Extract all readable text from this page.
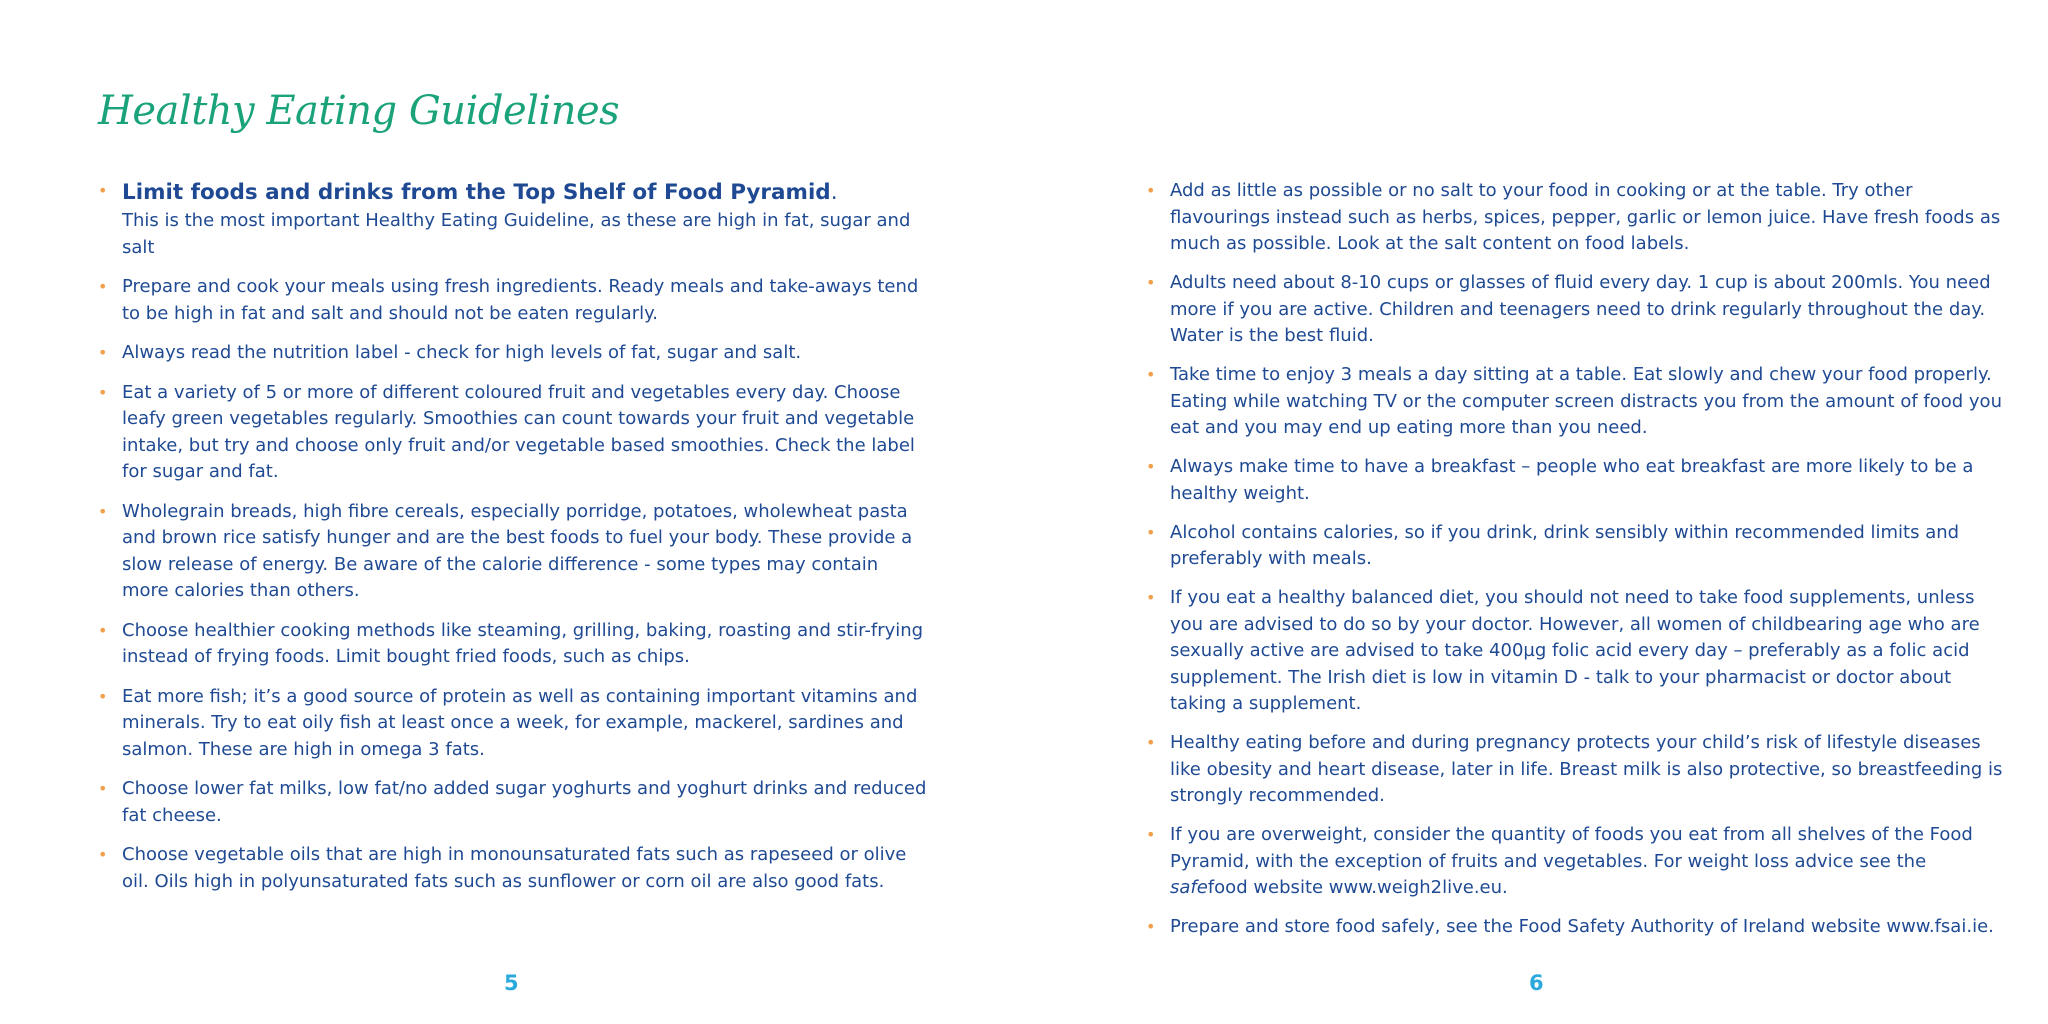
Healthy Eating Guidelines
• Limit foods and drinks from the Top Shelf of Food Pyramid.
This is the most important Healthy Eating Guideline, as these are high in fat, sugar and salt
• Prepare and cook your meals using fresh ingredients. Ready meals and take-aways tend to be high in fat and salt and should not be eaten regularly.
• Always read the nutrition label - check for high levels of fat, sugar and salt.
• Eat a variety of 5 or more of different coloured fruit and vegetables every day. Choose leafy green vegetables regularly. Smoothies can count towards your fruit and vegetable intake, but try and choose only fruit and/or vegetable based smoothies. Check the label for sugar and fat.
• Wholegrain breads, high fibre cereals, especially porridge, potatoes, wholewheat pasta and brown rice satisfy hunger and are the best foods to fuel your body. These provide a slow release of energy. Be aware of the calorie difference - some types may contain more calories than others.
• Choose healthier cooking methods like steaming, grilling, baking, roasting and stir-frying instead of frying foods. Limit bought fried foods, such as chips.
• Eat more fish; it’s a good source of protein as well as containing important vitamins and minerals. Try to eat oily fish at least once a week, for example, mackerel, sardines and salmon. These are high in omega 3 fats.
• Choose lower fat milks, low fat/no added sugar yoghurts and yoghurt drinks and reduced fat cheese.
• Choose vegetable oils that are high in monounsaturated fats such as rapeseed or olive oil. Oils high in polyunsaturated fats such as sunflower or corn oil are also good fats.
5
• Add as little as possible or no salt to your food in cooking or at the table. Try other flavourings instead such as herbs, spices, pepper, garlic or lemon juice. Have fresh foods as much as possible. Look at the salt content on food labels.
• Adults need about 8-10 cups or glasses of fluid every day. 1 cup is about 200mls. You need more if you are active. Children and teenagers need to drink regularly throughout the day. Water is the best fluid.
• Take time to enjoy 3 meals a day sitting at a table. Eat slowly and chew your food properly. Eating while watching TV or the computer screen distracts you from the amount of food you eat and you may end up eating more than you need.
• Always make time to have a breakfast – people who eat breakfast are more likely to be a healthy weight.
• Alcohol contains calories, so if you drink, drink sensibly within recommended limits and preferably with meals.
• If you eat a healthy balanced diet, you should not need to take food supplements, unless you are advised to do so by your doctor. However, all women of childbearing age who are sexually active are advised to take 400µg folic acid every day – preferably as a folic acid supplement. The Irish diet is low in vitamin D - talk to your pharmacist or doctor about taking a supplement.
• Healthy eating before and during pregnancy protects your child’s risk of lifestyle diseases like obesity and heart disease, later in life. Breast milk is also protective, so breastfeeding is strongly recommended.
• If you are overweight, consider the quantity of foods you eat from all shelves of the Food Pyramid, with the exception of fruits and vegetables. For weight loss advice see the safefood website www.weigh2live.eu.
• Prepare and store food safely, see the Food Safety Authority of Ireland website www.fsai.ie.
6
